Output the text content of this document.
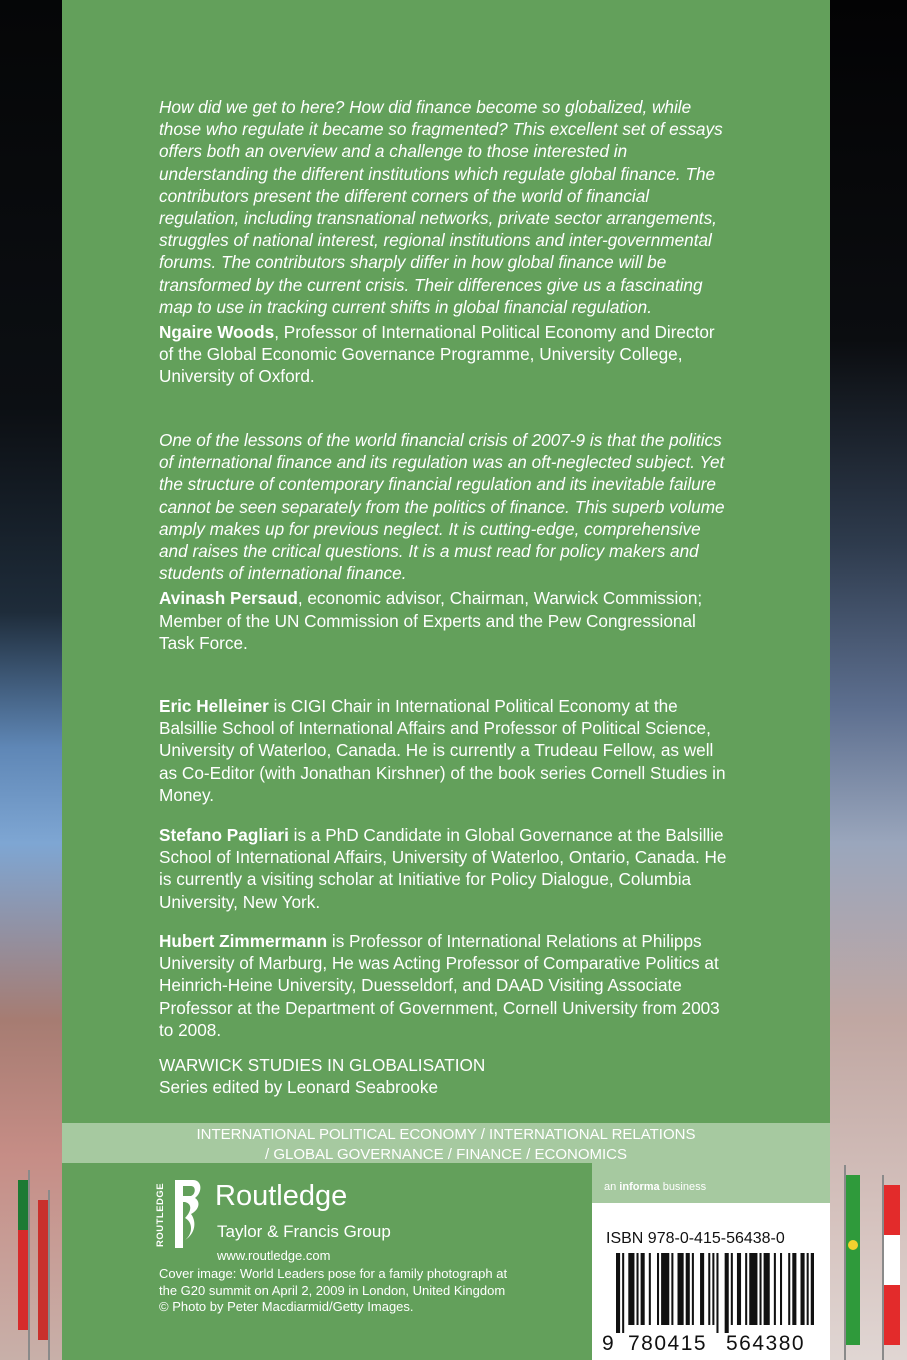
How did we get to here? How did finance become so globalized, while those who regulate it became so fragmented? This excellent set of essays offers both an overview and a challenge to those interested in understanding the different institutions which regulate global finance. The contributors present the different corners of the world of financial regulation, including transnational networks, private sector arrangements, struggles of national interest, regional institutions and inter-governmental forums. The contributors sharply differ in how global finance will be transformed by the current crisis. Their differences give us a fascinating map to use in tracking current shifts in global financial regulation.

Ngaire Woods, Professor of International Political Economy and Director of the Global Economic Governance Programme, University College, University of Oxford.

One of the lessons of the world financial crisis of 2007-9 is that the politics of international finance and its regulation was an oft-neglected subject. Yet the structure of contemporary financial regulation and its inevitable failure cannot be seen separately from the politics of finance. This superb volume amply makes up for previous neglect. It is cutting-edge, comprehensive and raises the critical questions. It is a must read for policy makers and students of international finance.

Avinash Persaud, economic advisor, Chairman, Warwick Commission; Member of the UN Commission of Experts and the Pew Congressional Task Force.

Eric Helleiner is CIGI Chair in International Political Economy at the Balsillie School of International Affairs and Professor of Political Science, University of Waterloo, Canada. He is currently a Trudeau Fellow, as well as Co-Editor (with Jonathan Kirshner) of the book series Cornell Studies in Money.

Stefano Pagliari is a PhD Candidate in Global Governance at the Balsillie School of International Affairs, University of Waterloo, Ontario, Canada. He is currently a visiting scholar at Initiative for Policy Dialogue, Columbia University, New York.

Hubert Zimmermann is Professor of International Relations at Philipps University of Marburg, He was Acting Professor of Comparative Politics at Heinrich-Heine University, Duesseldorf, and DAAD Visiting Associate Professor at the Department of Government, Cornell University from 2003 to 2008.

WARWICK STUDIES IN GLOBALISATION

Series edited by Leonard Seabrooke

INTERNATIONAL POLITICAL ECONOMY / INTERNATIONAL RELATIONS
/ GLOBAL GOVERNANCE / FINANCE / ECONOMICS
an informa business
ROUTLEDGE Routledge
Taylor & Francis Group
www.routledge.com
Cover image: World Leaders pose for a family photograph at
the G20 summit on April 2, 2009 in London, United Kingdom
© Photo by Peter Macdiarmid/Getty Images.
ISBN 978-0-415-56438-0
9 780415 564380
